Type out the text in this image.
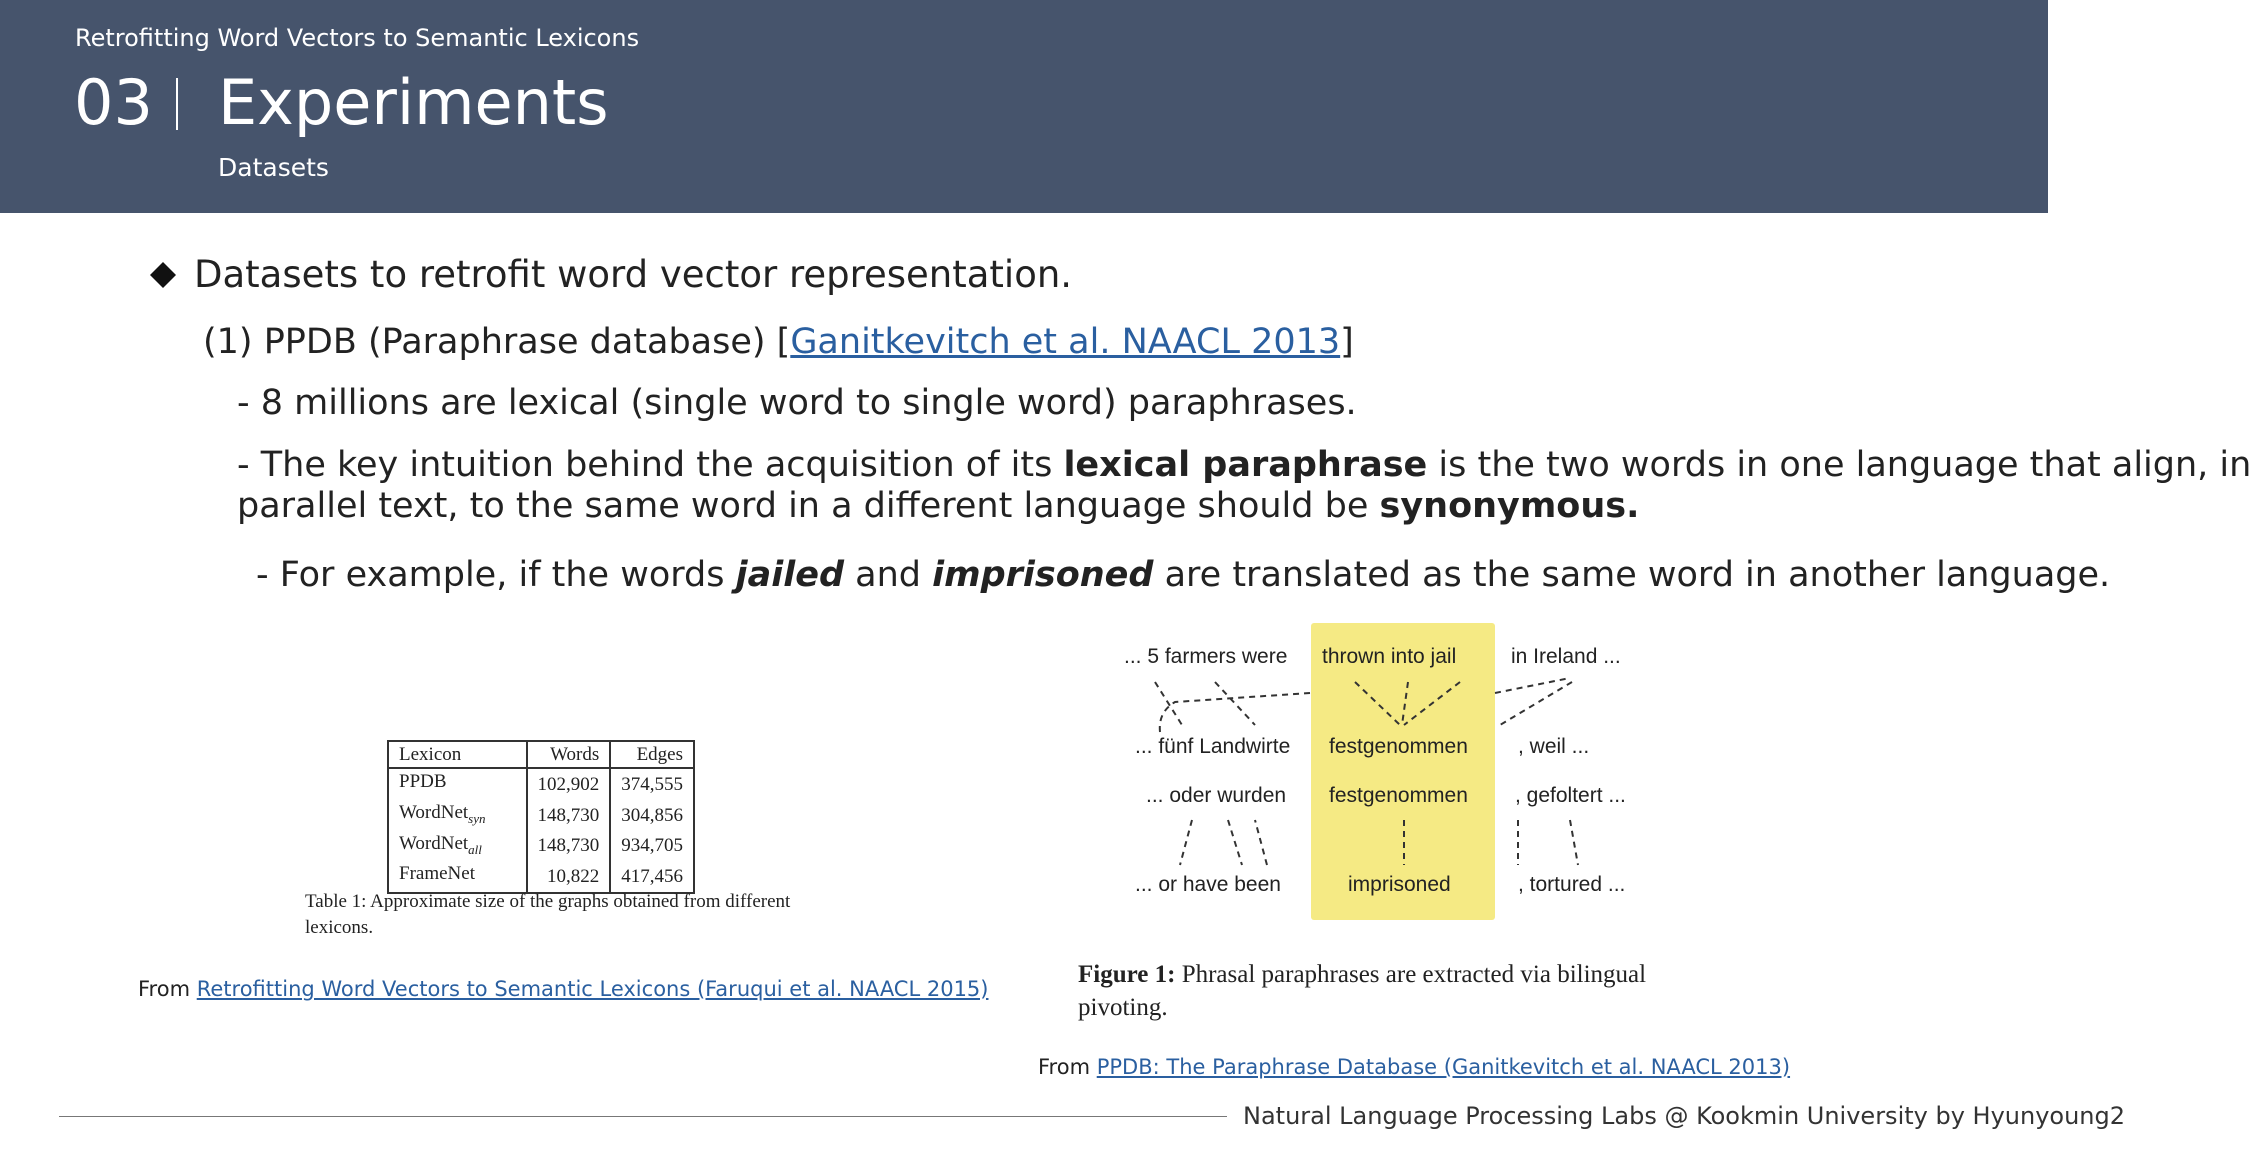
Retrofitting Word Vectors to Semantic Lexicons
03 Experiments
Datasets
Datasets to retrofit word vector representation.
(1) PPDB (Paraphrase database) [Ganitkevitch et al. NAACL 2013]
- 8 millions are lexical (single word to single word) paraphrases.
- The key intuition behind the acquisition of its lexical paraphrase is the two words in one language that align, in
parallel text, to the same word in a different language should be synonymous.
- For example, if the words jailed and imprisoned are translated as the same word in another language.
Lexicon	Words	Edges
PPDB	102,902	374,555
WordNet$_{syn}$	148,730	304,856
WordNet$_{all}$	148,730	934,705
FrameNet	10,822	417,456
Table 1: Approximate size of the graphs obtained from different lexicons.
From Retrofitting Word Vectors to Semantic Lexicons (Faruqui et al. NAACL 2015)
... 5 farmers were thrown into jail	in Ireland ...
... fünf Landwirte festgenommen , weil ...
... oder wurden festgenommen , gefoltert ...
... or have been	imprisoned	, tortured ...
Figure 1: Phrasal paraphrases are extracted via bilingual pivoting.
From PPDB: The Paraphrase Database (Ganitkevitch et al. NAACL 2013)
Natural Language Processing Labs @ Kookmin University by Hyunyoung2
